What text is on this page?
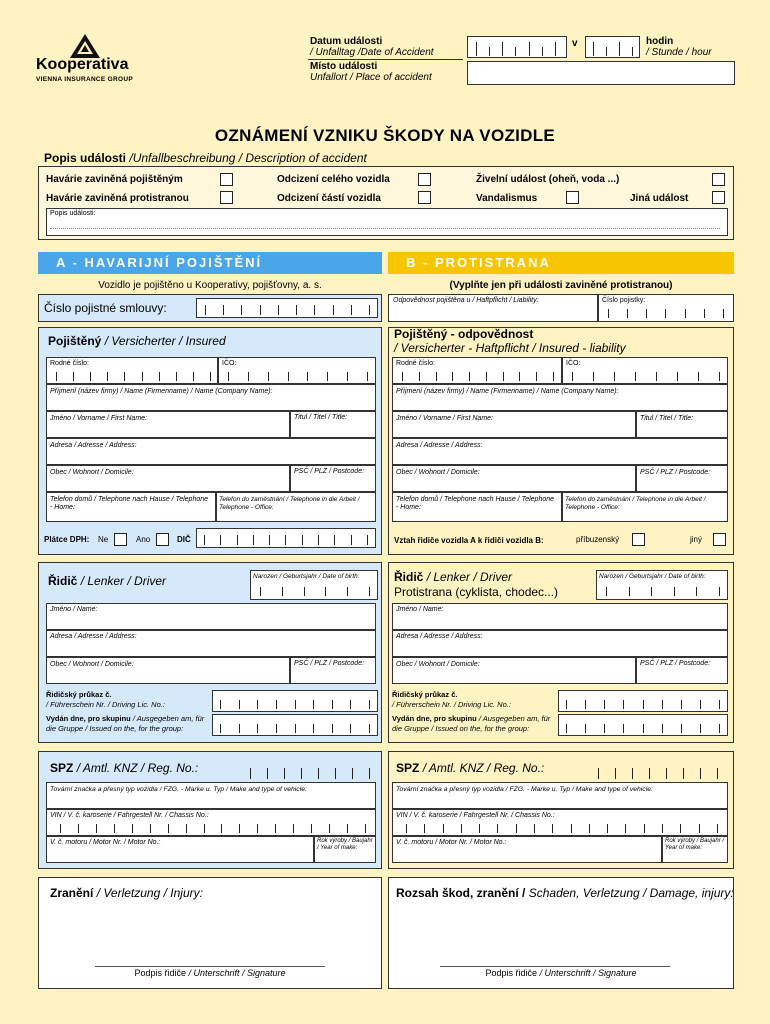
Kooperativa
VIENNA INSURANCE GROUP
Datum události
/ Unfalltag /Date of Accident
v	hodin
/ Stunde / hour
Místo události
Unfallort / Place of accident
OZNÁMENÍ VZNIKU ŠKODY NA VOZIDLE
Popis události /Unfallbeschreibung / Description of accident
Havárie zaviněná pojištěným	Odcizení celého vozidla	Živelní událost (oheň, voda ...)
Havárie zaviněná protistranou	Odcizení částí vozidla	Vandalismus	Jiná událost
Popis události:
A - HAVARIJNÍ POJIŠTĚNÍ	B - PROTISTRANA
Vozidlo je pojištěno u Kooperativy, pojišťovny, a. s.	(Vyplňte jen při události zaviněné protistranou)
Číslo pojistné smlouvy:
Odpovědnost pojištěna u / Haftpflicht / Liability:	Číslo pojistky:
Pojištěný / Versicherter / Insured	Pojištěný - odpovědnost
/ Versicherter - Haftpflicht / Insured - liability
Rodné číslo:	IČO:
Příjmení (název firmy) / Name (Firmenname) / Name (Company Name):
Jméno / Vorname / First Name:	Titul / Titel / Title:
Adresa / Adresse / Address:
Obec / Wohnort / Domicile:	PSČ / PLZ / Postcode:
Telefon domů / Telephone nach Hause / Telephone - Home:
Telefon do zaměstnání / Telephone in die Arbeit / Telephone - Office:
Plátce DPH: Ne	Ano	DIČ
Rodné číslo:	IČO:
Příjmení (název firmy) / Name (Firmenname) / Name (Company Name):
Jméno / Vorname / First Name:	Titul / Titel / Title:
Adresa / Adresse / Address:
Obec / Wohnort / Domicile:	PSČ / PLZ / Postcode:
Telefon domů / Telephone nach Hause / Telephone - Home:
Telefon do zaměstnání / Telephone in die Arbeit / Telephone - Office:
Vztah řidiče vozidla A k řidiči vozidla B:	příbuzenský	jiný
Řidič / Lenker / Driver	Narozen / Geburtsjahr / Date of birth:
Jméno / Name:
Adresa / Adresse / Address:
Obec / Wohnort / Domicile:	PSČ / PLZ / Postcode:
Řidičský průkaz č.
/ Führerschein Nr. / Driving Lic. No.:
Vydán dne, pro skupinu / Ausgegeben am, für die Gruppe / Issued on the, for the group:
Řidič / Lenker / Driver
Protistrana (cyklista, chodec...)
Narozen / Geburtsjahr / Date of birth:
Jméno / Name:
Adresa / Adresse / Address:
Obec / Wohnort / Domicile:	PSČ / PLZ / Postcode:
Řidičský průkaz č.
/ Führerschein Nr. / Driving Lic. No.:
Vydán dne, pro skupinu / Ausgegeben am, für die Gruppe / Issued on the, for the group:
SPZ / Amtl. KNZ / Reg. No.:
Tovární značka a přesný typ vozidla / FZG. - Marke u. Typ / Make and type of vehicle:
VIN / V. č. karoserie / Fahrgestell Nr. / Chassis No.:
V. č. motoru / Motor Nr. / Motor No.:	Rok výroby / Baujahr / Year of make:
SPZ / Amtl. KNZ / Reg. No.:
Tovární značka a přesný typ vozidla / FZG. - Marke u. Typ / Make and type of vehicle:
VIN / V. č. karoserie / Fahrgestell Nr. / Chassis No.:
V. č. motoru / Motor Nr. / Motor No.:	Rok výroby / Baujahr / Year of make:
Zranění / Verletzung / Injury:	Rozsah škod, zranění / Schaden, Verletzung / Damage, injury:
Podpis řidiče / Unterschrift / Signature	Podpis řidiče / Unterschrift / Signature
